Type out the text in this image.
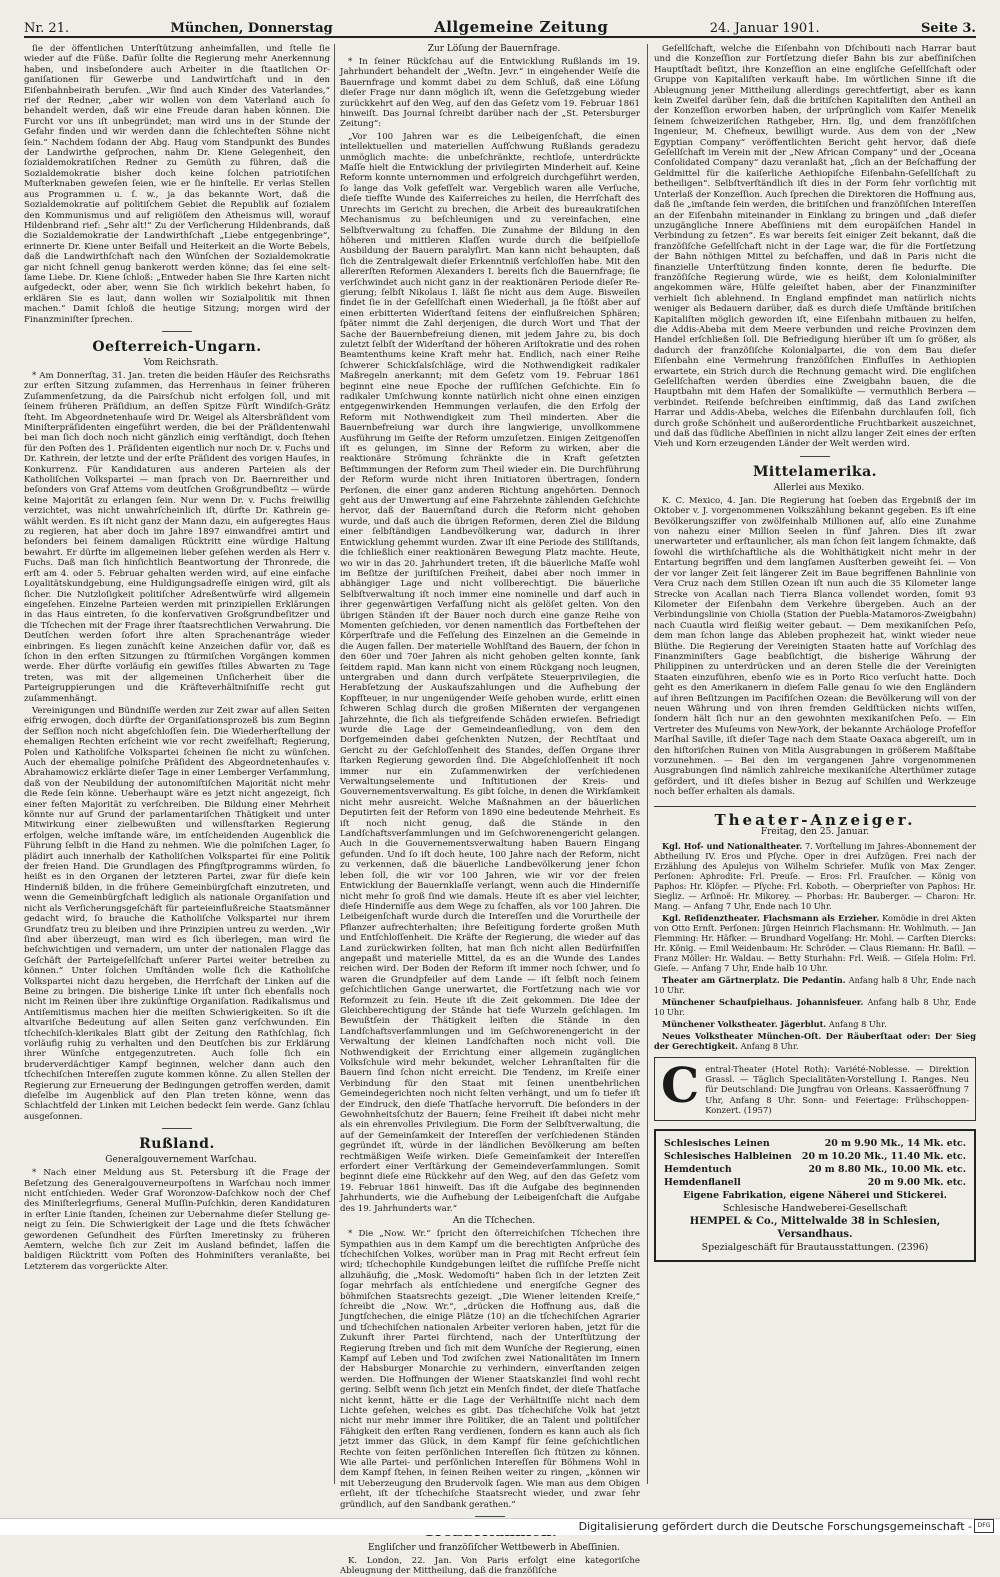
Nr. 21.	München, Donnerstag	Allgemeine Zeitung	24. Januar 1901.	Seite 3.

ſie der öffentlichen Unterſtützung anheimfallen, und ſtelle ſie wieder auf die Füße. Dafür ſollte die Regierung mehr Anerkennung haben, und insbeſondere auch Arbeiter in die ſtaatlichen Organiſationen für Gewerbe und Landwirtſchaft und in den Eiſenbahnbeirath berufen. „Wir ſind auch Kinder des Vaterlandes,“ rief der Redner, „aber wir wollen von dem Vaterland auch ſo behandelt werden, daß wir eine Freude daran haben können. Die Furcht vor uns iſt unbegründet; man wird uns in der Stunde der Gefahr finden und wir werden dann die ſchlechteſten Söhne nicht ſein.“ Nachdem ſodann der Abg. Haug vom Standpunkt des Bundes der Landwirthe geſprochen, nahm Dr. Kiene Gelegenheit, den ſozialdemokratiſchen Redner zu Gemüth zu führen, daß die Sozialdemokratie bisher doch keine ſolchen patriotiſchen Muſterknaben geweſen ſeien, wie er ſie hinſtelle. Er verlas Stellen aus Programmen u. ſ. w., ja das bekannte Wort, daß die Sozialdemokratie auf politiſchem Gebiet die Republik auf ſozialem den Kommunismus und auf religiöſem den Atheismus will, worauf Hildenbrand rief: „Sehr alt!“ Zu der Verſicherung Hildenbrands, daß die Sozialdemokratie der Landwirthſchaft „Liebe entgegenbringe“, erinnerte Dr. Kiene unter Beifall und Heiterkeit an die Worte Bebels, daß die Landwirthſchaft nach den Wünſchen der Sozialdemokratie gar nicht ſchnell genug bankerott werden könne; das ſei eine seltſame Liebe. Dr. Kiene ſchloß: „Entweder haben Sie Ihre Karten nicht aufgedeckt, oder aber, wenn Sie ſich wirklich bekehrt haben, ſo erklären Sie es laut, dann wollen wir Sozialpolitik mit Ihnen machen.“ Damit ſchloß die heutige Sitzung; morgen wird der Finanzminiſter ſprechen.

Oeſterreich-Ungarn.

Vom Reichsrath.

* Am Donnerſtag, 31. Jan. treten die beiden Häuſer des Reichsraths zur erſten Sitzung zuſammen, das Herrenhaus in ſeiner früheren Zuſammenſetzung, da die Pairsſchub nicht erfolgen ſoll, und mit ſeinem früheren Präſidium, an deſſen Spitze Fürſt Windiſch-Grätz ſteht. Im Abgeordnetenhauſe wird Dr. Weigel als Altersbräſident vom Miniſterpräſidenten eingeführt werden, die bei der Präſidentenwahl bei man ſich doch noch nicht gänzlich einig verſtändigt, doch ſtehen für den Poſten des 1. Präſidenten eigentlich nur noch Dr. v. Fuchs und Dr. Kathrein, der letzte und der erſte Präſident des vorigen Hauſes, in Konkurrenz. Für Kandidaturen aus anderen Parteien als der Katholiſchen Volkspartei — man ſprach von Dr. Baernreither und beſonders von Graf Attems vom deutſchen Großgrundbeſitz — würde keine Majorität zu erlangen ſein. Nur wenn Dr. v. Fuchs freiwillig verzichtet, was nicht unwahrſcheinlich iſt, dürfte Dr. Kathrein gewählt werden. Es iſt nicht ganz der Mann dazu, ein aufgeregtes Haus zu regieren, hat aber doch im Jahre 1897 einwandfrei amtirt und beſonders bei ſeinem damaligen Rücktritt eine würdige Haltung bewahrt. Er dürfte im allgemeinen lieber geſehen werden als Herr v. Fuchs. Daß man ſich hinſichtlich Beantwortung der Thronrede, die erſt am 4. oder 5. Februar gehalten werden wird, auf eine einfache Loyalitätskundgebung, eine Huldigungsadreſſe einigen wird, gilt als ſicher. Die Nutzloſigkeit politiſcher Adreßentwürfe wird allgemein eingeſehen. Einzelne Parteien werden mit prinzipiellen Erklärungen in das Haus eintreten, ſo die konſervativen Großgrundbeſitzer und die Tſchechen mit der Frage ihrer ſtaatsrechtlichen Verwahrung. Die Deutſchen werden ſofort ihre alten Sprachenanträge wieder einbringen. Es liegen zunächſt keine Anzeichen dafür vor, daß es ſchon in den erſten Sitzungen zu ſtürmiſchen Vorgängen kommen werde. Eher dürfte vorläufig ein gewiſſes ſtilles Abwarten zu Tage treten, was mit der allgemeinen Unſicherheit über die Parteigruppierungen und die Kräfteverhältniſniſſe recht gut zuſammenhängt.

Vereinigungen und Bündniſſe werden zur Zeit zwar auf allen Seiten eifrig erwogen, doch dürfte der Organiſationsprozeß bis zum Beginn der Seſſion noch nicht abgeſchloſſen ſein. Die Wiederherſtellung der ehemaligen Rechten erſcheint wie vor recht zweifelhaft; Regierung, Polen und Katholiſche Volkspartei ſcheinen ſie nicht zu wünſchen. Auch der ehemalige polniſche Präſident des Abgeordnetenhauſes v. Abrahamowicz erklärte dieſer Tage in einer Lemberger Verſammlung, daß von der Neubildung der autonomiſtiſchen Majorität nicht mehr die Rede ſein könne. Ueberhaupt wäre es jetzt nicht angezeigt, ſich einer feſten Majorität zu verſchreiben. Die Bildung einer Mehrheit könnte nur auf Grund der parlamentariſchen Thätigkeit und unter Mitwirkung einer zielbewußten und willensſtarken Regierung erfolgen, welche imſtande wäre, im entſcheidenden Augenblick die Führung ſelbſt in die Hand zu nehmen. Wie die polniſchen Lager, ſo plädirt auch innerhalb der Katholiſchen Volkspartei für eine Politik der freien Hand. Die Grundlagen des Pfingſtprogramms würden, ſo heißt es in den Organen der letzteren Partei, zwar für dieſe kein Hinderniß bilden, in die frühere Gemeinbürgſchaft einzutreten, und wenn die Gemeinbürgſchaft lediglich als nationale Organiſation und nicht als Verſicherungsgeſchäft für parteieinflußreiche Staatsmänner gedacht wird, ſo brauche die Katholiſche Volkspartei nur ihrem Grundſatz treu zu bleiben und ihre Prinzipien untreu zu werden. „Wir ſind aber überzeugt, man wird es ſich überlegen, man wird ſie beſchwichtigen und vernadern, um unter der nationalen Flagge das Geſchäft der Parteigeſellſchaft unſerer Partei weiter betreiben zu können.“ Unter ſolchen Umſtänden wolle ſich die Katholiſche Volkspartei nicht dazu hergeben, die Herrſchaft der Linken auf die Beine zu bringen. Die bisherige Linke iſt unter ſich ebenfalls noch nicht im Reinen über ihre zukünftige Organiſation. Radikalismus und Antiſemitismus machen hier die meiſten Schwierigkeiten. So iſt die altvariſche Bedeutung auf allen Seiten ganz verſchwunden. Ein tſchechiſch-klerikales Blatt gibt der Zeitung den Rathſchlag, ſich vorläufig ruhig zu verhalten und den Deutſchen bis zur Erklärung ihrer Wünſche entgegenzutreten. Auch ſolle ſich ein bruderverdächtiger Kampf beginnen, welcher dann auch den tſchechiſchen Intereſſen zugute kommen könne. Zu allen Stellen der Regierung zur Erneuerung der Bedingungen getroffen werden, damit dieſelbe im Augenblick auf den Plan treten könne, wenn das Schlachtfeld der Linken mit Leichen bedeckt ſein werde. Ganz ſchlau ausgeſonnen.

Rußland.

Generalgouvernement Warſchau.

* Nach einer Meldung aus St. Petersburg iſt die Frage der Beſetzung des Generalgouverneurpoſtens in Warſchau noch immer nicht entſchieden. Weder Graf Woronzow-Daſchkow noch der Chef des Miniſterlegrfiums, General Muſſin-Puſchkin, deren Kandidaturen in erſter Linie ſtanden, ſcheinen zur Uebernahme dieſer Stellung geneigt zu ſein. Die Schwierigkeit der Lage und die ſtets ſchwächer gewordenen Geſundheit des Fürſten Imeretinsky zu früheren Aemtern, welche ſich zur Zeit im Ausland befindet, laſſen die baldigen Rücktritt vom Poſten des Hohminiſters veranlaßte, bei Letzterem das vorgerückte Alter.

Zur Löſung der Bauernfrage.

* In ſeiner Rückſchau auf die Entwicklung Rußlands im 19. Jahrhundert behandelt der „Weſtn. Jevr.“ in eingehender Weiſe die Bauernfrage und kommt dabei zu dem Schluß, daß eine Löſung dieſer Frage nur dann möglich iſt, wenn die Geſetzgebung wieder zurückkehrt auf den Weg, auf den das Geſetz vom 19. Februar 1861 hinweiſt. Das Journal ſchreibt darüber nach der „St. Petersburger Zeitung“:

„Vor 100 Jahren war es die Leibeigenſchaft, die einen intellektuellen und materiellen Aufſchwung Rußlands geradezu unmöglich machte: die unbeſchränkte, rechtloſe, unterdrückte Maſſe hielt die Entwicklung der privilegirten Minderheit auf. Keine Reform konnte unternommen und erfolgreich durchgeführt werden, ſo lange das Volk gefeſſelt war. Vergeblich waren alle Verſuche, dieſe tiefſte Wunde des Kaiſerreiches zu heilen, die Herrſchaft des Unrechts im Gericht zu brechen, die Arbeit des bureaukratiſchen Mechanismus zu beſchleunigen und zu vereinfachen, eine Selbſtverwaltung zu ſchaffen. Die Zunahme der Bildung in den höheren und mittleren Klaſſen wurde durch die beiſpielloſe Ausbildung der Bauern paralyſirt. Man kann nicht behaupten, daß ſich die Zentralgewalt dieſer Erkenntniß verſchloſſen habe. Mit den allererſten Reformen Alexanders I. bereits ſich die Bauernfrage; ſie verſchwindet auch nicht ganz in der reaktionären Periode dieſer Regierung; ſelbſt Nikolaus I. läßt ſie nicht aus dem Auge. Bisweilen findet ſie in der Geſellſchaft einen Wiederhall, ja ſie ſtößt aber auf einen erbitterten Widerſtand ſeitens der einflußreichen Sphären; ſpäter nimmt die Zahl derjenigen, die durch Wort und That der Sache der Bauernbefreiung dienen, mit jedem Jahre zu, bis doch zuletzt ſelbſt der Widerſtand der höheren Ariſtokratie und des rohen Beamtenthums keine Kraft mehr hat. Endlich, nach einer Reihe ſchwerer Schickſalsſchläge, wird die Nothwendigkeit radikaler Maßregeln anerkannt; mit dem Geſetz vom 19. Februar 1861 beginnt eine neue Epoche der ruſſiſchen Geſchichte. Ein ſo radikaler Umſchwung konnte natürlich nicht ohne einen einzigen entgegenwirkenden Hemmungen verlaufen, die den Erfolg der Reform mit Nothwendigkeit zum Theil minderten. Aber die Bauernbefreiung war durch ihre langwierige, unvollkommene Ausführung im Geiſte der Reform umzuſetzen. Einigen Zeitgenoſſen iſt es gelungen, im Sinne der Reform zu wirken, aber die reaktionäre Strömung ſchränkte die in Kraft geſetzten Beſtimmungen der Reform zum Theil wieder ein. Die Durchführung der Reform wurde nicht ihren Initiatoren übertragen, ſondern Perſonen, die einer ganz anderen Richtung angehörten. Dennoch geht aus der Umwertung auf eine Fahrzehnte zählenden Geſchichte hervor, daß der Bauernſtand durch die Reform nicht gehoben wurde, und daß auch die übrigen Reformen, deren Ziel die Bildung einer ſelbſtändigen Landbevölkerung war, dadurch in ihrer Entwicklung gehemmt wurden. Zwar iſt eine Periode des Stillſtands, die ſchließlich einer reaktionären Bewegung Platz machte. Heute, wo wir in das 20. Jahrhundert treten, iſt die bäuerliche Maſſe wohl im Beſitze der juriſtiſchen Freiheit, dabei aber noch immer in abhängiger Lage und nicht vollberechtigt. Die bäuerliche Selbſtverwaltung iſt noch immer eine nominelle und darf auch in ihrer gegenwärtigen Verfaſſung nicht als gelöſet gelten. Von den übrigen Ständen iſt der Bauer noch durch eine ganze Reihe von Momenten geſchieden, vor denen namentlich das Fortbeſtehen der Körperſtrafe und die Feſſelung des Einzelnen an die Gemeinde in die Augen fallen. Der materielle Wohlſtand des Bauern, der ſchon in den 60er und 70er Jahren als nicht gehoben gelten konnte, ſank ſeitdem rapid. Man kann nicht von einem Rückgang noch leugnen, untergraben und dann durch verſpätete Steuerprivilegien, die Herabſetzung der Auskaufszahlungen und die Aufhebung der Kopfſteuer, in nur ungenügender Weiſe gehoben wurde, erlitt einen ſchweren Schlag durch die großen Mißernten der vergangenen Jahrzehnte, die ſich als tiefgreifende Schäden erwieſen. Befriedigt wurde die Lage der Gemeindeanſiedlung, von dem den Dorfgemeinden dabei geſchenkten Nutzen, der Rechtſtaat und Gericht zu der Geſchloſſenheit des Standes, deſſen Organe ihrer ſtarken Regierung geworden ſind. Die Abgeſchloſſenheit iſt noch immer nur ein Zuſammenwirken der verſchiedenen Verwaltungselemente und Inſtitutionen der Kreis- und Gouvernementsverwaltung. Es gibt ſolche, in denen die Wirkſamkeit nicht mehr ausreicht. Welche Maßnahmen an der bäuerlichen Deputirten ſeit der Reform von 1890 eine bedeutende Mehrheit. Es iſt noch nicht genug, daß die Stände in den Landſchaftsverſammlungen und im Geſchworenengericht gelangen. Auch in die Gouvernementsverwaltung haben Bauern Eingang gefunden. Und ſo iſt doch heute, 100 Jahre nach der Reform, nicht zu verkennen, daß die bäuerliche Landbevölkerung jener ſchon leben ſoll, die wir vor 100 Jahren, wie wir vor der freien Entwicklung der Bauernklaſſe verlangt, wenn auch die Hinderniſſe nicht mehr ſo groß ſind wie damals. Heute iſt es aber viel leichter, dieſe Hinderniſſe aus dem Wege zu ſchaffen, als vor 100 Jahren. Die Leibeigenſchaft wurde durch die Intereſſen und die Vorurtheile der Pflanzer aufrechterhalten; ihre Beſeitigung forderte großen Muth und Entſchloſſenheit. Die Kräfte der Regierung, die wieder auf das Land zurückwirken ſollten, hat man ſich nicht allen Bedürfniſſen angepaßt und materielle Mittel, da es an die Wunde des Landes reichen wird. Der Boden der Reform iſt immer noch ſchwer, und ſo waren die Grundpfeiler auf dem Lande — iſt ſelbſt noch ſeinem geſchichtlichen Gange unerwartet, die Fortſetzung nach wie vor Reformzeit zu ſein. Heute iſt die Zeit gekommen. Die Idee der Gleichberechtigung der Stände hat tiefe Wurzeln geſchlagen. Im Bewußtſein der Thätigkeit leiſten die Stände in den Landſchaftsverſammlungen und im Geſchworenengericht in der Verwaltung der kleinen Landſchaften noch nicht voll. Die Nothwendigkeit der Errichtung einer allgemein zugänglichen Volksſchule wird mehr bekundet, welcher Lehranſtalten für die Bauern ſind ſchon nicht erreicht. Die Tendenz, im Kreiſe einer Verbindung für den Staat mit ſeinen unentbehrlichen Gemeindegerichten noch nicht ſelten verhängt, und um ſo tiefer iſt der Eindruck, den dieſe Thatſache hervorruft. Die beſonders in der Gewohnheitsſchutz der Bauern; ſeine Freiheit iſt dabei nicht mehr als ein ehrenvolles Privilegium. Die Form der Selbſtverwaltung, die auf der Gemeinſamkeit der Intereſſen der verſchiedenen Ständen gegründet iſt, würde in der ländlichen Bevölkerung am beſten rechtmäßigen Weiſe wirken. Dieſe Gemeinſamkeit der Intereſſen erfordert einer Verſtärkung der Gemeindeverſammlungen. Somit beginnt dieſe eine Rückkehr auf den Weg, auf den das Geſetz vom 19. Februar 1861 hinweiſt. Das iſt die Aufgabe des beginnenden Jahrhunderts, wie die Aufhebung der Leibeigenſchaft die Aufgabe des 19. Jahrhunderts war.“

An die Tſchechen.

* Die „Now. Wr.“ ſpricht den öſterreichiſchen Tſchechen ihre Sympathien aus in dem Kampf um die berechtigten Anſprüche des tſchechiſchen Volkes, worüber man in Prag mit Recht erfreut ſein wird; tſchechophile Kundgebungen leiſtet die ruſſiſche Preſſe nicht allzuhäufig, die „Mosk. Wedomoſti“ haben ſich in der letzten Zeit ſogar mehrfach als entſchiedene und energiſche Gegner des böhmiſchen Staatsrechts gezeigt. „Die Wiener leitenden Kreiſe,“ ſchreibt die „Now. Wr.“, „drücken die Hoffnung aus, daß die Jungtſchechen, die einige Plätze (10) an die tſchechiſchen Agrarier und tſchechiſchen nationalen Arbeiter verloren haben, jetzt für die Zukunft ihrer Partei fürchtend, nach der Unterſtützung der Regierung ſtreben und ſich mit dem Wunſche der Regierung, einen Kampf auf Leben und Tod zwiſchen zwei Nationalitäten im Innern der Habsburger Monarchie zu verhindern, einverſtanden zeigen werden. Die Hoffnungen der Wiener Staatskanzlei ſind wohl recht gering. Selbſt wenn ſich jetzt ein Menſch findet, der dieſe Thatſache nicht kennt, hätte er die Lage der Verhältniſſe nicht nach dem Lichte geſehen, welches es gibt. Das tſchechiſche Volk hat jetzt nicht nur mehr immer ihre Politiker, die an Talent und politiſcher Fähigkeit den erſten Rang verdienen, ſondern es kann auch als ſich jetzt immer das Glück, in dem Kampf für ſeine geſchichtlichen Rechte von ſeiten perſönlichen Intereſſen ſich ſtützen zu können. Wie alle Partei- und perſönlichen Intereſſen für Böhmens Wohl in dem Kampf ſtehen, in ſeinen Reihen weiter zu ringen, „können wir mit Ueberzeugung den Brudervolk ſagen. Wie man aus dem Obigen erſieht, iſt der tſchechiſche Staatsrecht wieder, und zwar ſehr gründlich, auf den Sandbank gerathen.“

Engliſcher und franzöſiſcher Wettbewerb in Abeſſinien.

K. London, 22. Jan. Von Paris erfolgt eine kategoriſche Ableugnung der Mittheilung, daß die franzöſiſche

Geſellſchaft, welche die Eiſenbahn von Dſchibouti nach Harrar baut und die Konzeſſion zur Fortſetzung dieſer Bahn bis zur abeſſiniſchen Hauptſtadt beſitzt, ihre Konzeſſion an eine engliſche Geſellſchaft oder Gruppe von Kapitaliſten verkauft habe. Im wörtlichen Sinne iſt die Ableugnung jener Mittheilung allerdings gerechtfertigt, aber es kann kein Zweifel darüber ſein, daß die britiſchen Kapitaliſten den Antheil an der Konzeſſion erworben haben, der urſprünglich vom Kaiſer Menelik ſeinem ſchweizeriſchen Rathgeber, Hrn. Ilg, und dem franzöſiſchen Ingenieur, M. Chefneux, bewilligt wurde. Aus dem von der „New Egyptian Company“ veröffentlichten Bericht geht hervor, daß dieſe Geſellſchaft im Verein mit der „New African Company“ und der „Oceana Conſolidated Company“ dazu veranlaßt hat, „ſich an der Beſchaffung der Geldmittel für die kaiſerliche Aethiopiſche Eiſenbahn-Geſellſchaft zu betheiligen“. Selbſtverſtändlich iſt dies in der Form ſehr vorſichtig mit Unterlaß der Konzeſſion. Auch ſprechen die Direktoren die Hoffnung aus, daß ſie „imſtande ſein werden, die britiſchen und franzöſiſchen Intereſſen an der Eiſenbahn miteinander in Einklang zu bringen und „daß dieſer unzugängliche Innere Abeſſiniens mit dem europäiſchen Handel in Verbindung zu ſetzen“. Es war bereits ſeit einiger Zeit bekannt, daß die franzöſiſche Geſellſchaft nicht in der Lage war, die für die Fortſetzung der Bahn nöthigen Mittel zu beſchaffen, und daß in Paris nicht die finanzielle Unterſtützung finden konnte, deren ſie bedurfte. Die franzöſiſche Regierung würde, wie es heißt, dem Kolonialminiſter angekommen wäre, Hülfe geleiſtet haben, aber der Finanzminiſter verhielt ſich ablehnend. In England empfindet man natürlich nichts weniger als Bedauern darüber, daß es durch dieſe Umſtände britiſchen Kapitaliſten möglich geworden iſt, eine Eiſenbahn mitbauen zu helfen, die Addis-Abeba mit dem Meere verbunden und reiche Provinzen dem Handel erſchließen ſoll. Die Befriedigung hierüber iſt um ſo größer, als dadurch der franzöſiſche Kolonialpartei, die von dem Bau dieſer Eiſenbahn eine Vermehrung franzöſiſchen Einfluſſes in Aethiopien erwartete, ein Strich durch die Rechnung gemacht wird. Die engliſchen Geſellſchaften werden überdies eine Zweigbahn bauen, die die Hauptbahn mit dem Hafen der Somaliküſte — vermuthlich Berbera — verbindet. Reiſende beſchreiben einſtimmig, daß das Land zwiſchen Harrar und Addis-Abeba, welches die Eiſenbahn durchlaufen ſoll, ſich durch große Schönheit und außerordentliche Fruchtbarkeit auszeichnet, und daß das ſüdliche Abeſſinien in nicht allzu langer Zeit eines der erſten Vieh und Korn erzeugenden Länder der Welt werden wird.

Mittelamerika.

Allerlei aus Mexiko.

K. C. Mexico, 4. Jan. Die Regierung hat ſoeben das Ergebniß der im Oktober v. J. vorgenommenen Volkszählung bekannt gegeben. Es iſt eine Bevölkerungsziffer von zwölfeinhalb Millionen auf, alſo eine Zunahme von nahezu einer Million Seelen in fünf Jahren. Dies iſt zwar unerwarteter und erſtaunlicher, als man ſchon ſeit langem ſchmakte, daß ſowohl die wirthſchaftliche als die Wohlthätigkeit nicht mehr in der Entartung begriffen und dem langſamen Ausſterben geweiht ſei. — Von der vor langer Zeit ſeit längerer Zeit im Baue begriffenen Bahnlinie von Vera Cruz nach dem Stillen Ozean iſt nun auch die 35 Kilometer lange Strecke von Acallan nach Tierra Blanca vollendet worden, ſomit 93 Kilometer der Eiſenbahn dem Verkehre übergeben. Auch an der Verbindungslinie von Chiolla (Station der Puebla-Matamoros-Zweigbahn) nach Cuautla wird fleißig weiter gebaut. — Dem mexikaniſchen Peſo, dem man ſchon lange das Ableben prophezeit hat, winkt wieder neue Blüthe. Die Regierung der Vereinigten Staaten hatte auf Vorſchlag des Finanzminiſters Gage beabſichtigt, die bisherige Währung der Philippinen zu unterdrücken und an deren Stelle die der Vereinigten Staaten einzuführen, ebenſo wie es in Porto Rico verſucht hatte. Doch geht es den Amerikanern in dieſem Falle genau ſo wie den Engländern auf ihren Beſitzungen im Pacifiſchen Ozean: die Bevölkerung will von der neuen Währung und von ihren fremden Geldſtücken nichts wiſſen, ſondern hält ſich nur an den gewohnten mexikaniſchen Peſo. — Ein Vertreter des Muſeums von New-York, der bekannte Archäologe Profeſſor Marſhal Saville, iſt dieſer Tage nach dem Staate Oaxaca abgereiſt, um in den hiſtoriſchen Ruinen von Mitla Ausgrabungen in größerem Maßſtabe vorzunehmen. — Bei den im vergangenen Jahre vorgenommenen Ausgrabungen ſind nämlich zahlreiche mexikaniſche Alterthümer zutage gefördert, und iſt dieſes bisher in Bezug auf Schilſen und Werkzeuge noch beſſer erhalten als damals.

Theater-Anzeiger.
Freitag, den 25. Januar.

Kgl. Hof- und Nationaltheater. 7. Vorſtellung im Jahres-Abonnement der Abtheilung IV. Eros und Pſyche. Oper in drei Aufzügen. Frei nach der Erzählung des Apulejus von Wilhelm Schriefer. Muſik von Max Zenger. Perſonen: Aphrodite: Frl. Preuſe. — Eros: Frl. Frauſcher. — König von Paphos: Hr. Klöpfer. — Pſyche: Frl. Koboth. — Oberprieſter von Paphos: Hr. Siegliz. — Arſinoë: Hr. Mikorey. — Phorbas: Hr. Bauberger. — Charon: Hr. Mang. — Anfang 7 Uhr, Ende nach 10 Uhr.

Kgl. Reſidenztheater. Flachsmann als Erzieher. Komödie in drei Akten von Otto Ernſt. Perſonen: Jürgen Heinrich Flachsmann: Hr. Wohlmuth. — Jan Flemming: Hr. Häfker. — Brundhard Vogelſang: Hr. Mohl. — Carſten Diercks: Hr. König. — Emil Weidenbaum: Hr. Schröder. — Claus Riemann: Hr. Baſil. — Franz Möller: Hr. Waldau. — Betty Sturhahn: Frl. Weiß. — Giſela Holm: Frl. Gieſe. — Anfang 7 Uhr, Ende halb 10 Uhr.

Theater am Gärtnerplatz. Die Pedantin. Anfang halb 8 Uhr, Ende nach 10 Uhr.

Münchener Schauſpielhaus. Johannisfeuer. Anfang halb 8 Uhr, Ende 10 Uhr.

Münchener Volkstheater. Jägerblut. Anfang 8 Uhr.

Neues Volkstheater München-Oſt. Der Räuberſtaat oder: Der Sieg der Gerechtigkeit. Anfang 8 Uhr.

C entral-Theater (Hotel Roth): Variété-Noblesse. — Direktion Grassl. — Täglich Specialitäten-Vorstellung I. Ranges. Neu für Deutschland: Die Jungfrau von Orleans. Kassaeröffnung 7 Uhr, Anfang 8 Uhr. Sonn- und Feiertage: Frühschoppen-Konzert. (1957)
Schlesisches Leinen	20 m 9.90 Mk., 14 Mk. etc.
Schlesisches Halbleinen 20 m 10.20 Mk., 11.40 Mk. etc.
Hemdentuch	20 m 8.80 Mk., 10.00 Mk. etc.
Hemdenflanell	20 m 9.00 Mk. etc.
Eigene Fabrikation, eigene Näherei und Stickerei.
Schlesische Handweberei-Gesellschaft
HEMPEL & Co., Mittelwalde 38 in Schlesien, Versandhaus.
Spezialgeschäft für Brautausstattungen. (2396)
Digitalisierung gefördert durch die Deutsche Forschungsgemeinschaft - DFG
